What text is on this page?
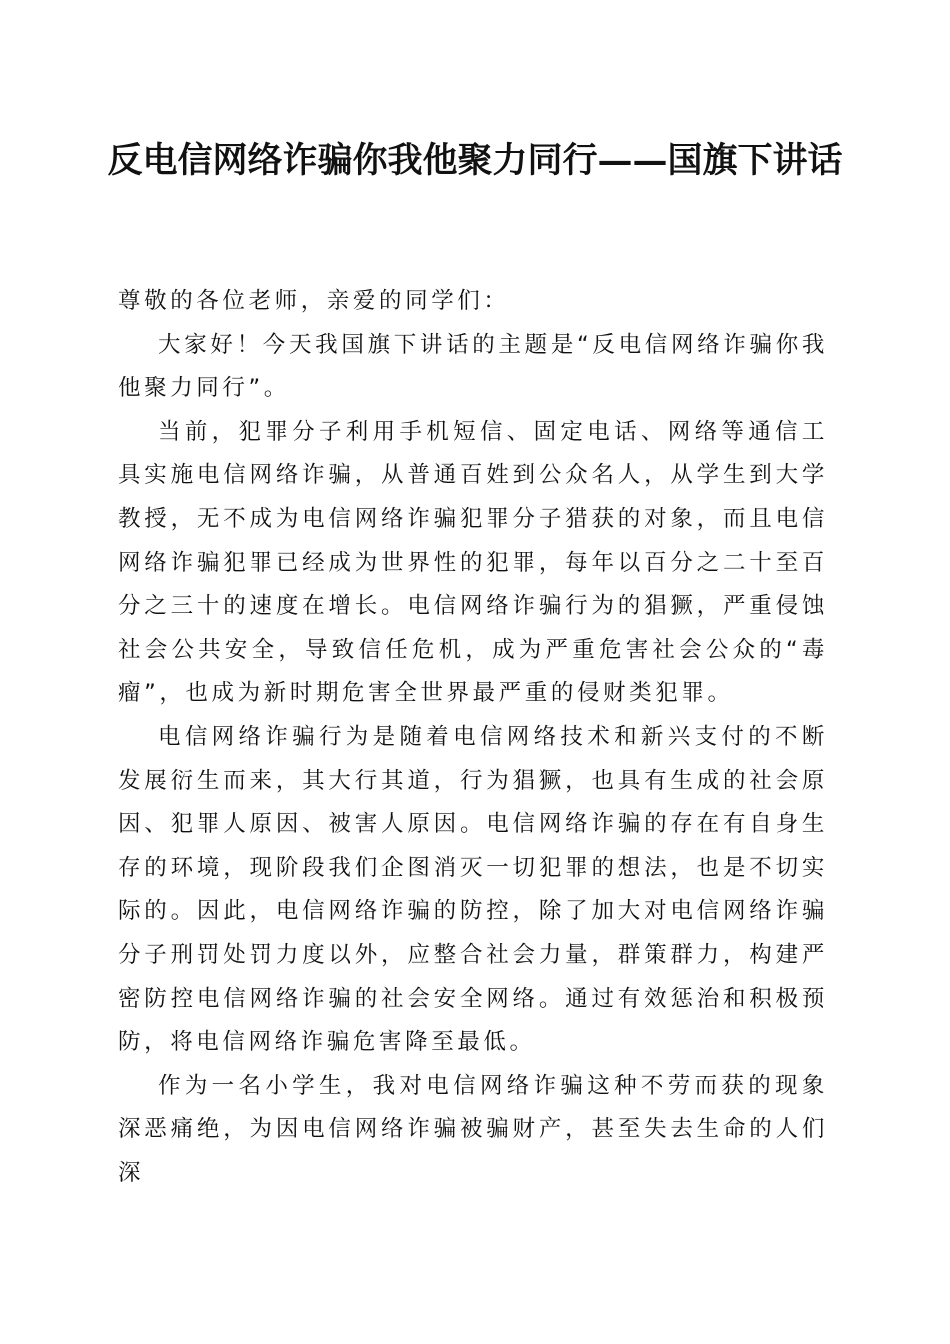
反电信网络诈骗你我他聚力同行——国旗下讲话

尊敬的各位老师，亲爱的同学们：

大家好！今天我国旗下讲话的主题是“反电信网络诈骗你我他聚力同行”。

当前，犯罪分子利用手机短信、固定电话、网络等通信工具实施电信网络诈骗，从普通百姓到公众名人，从学生到大学教授，无不成为电信网络诈骗犯罪分子猎获的对象，而且电信网络诈骗犯罪已经成为世界性的犯罪，每年以百分之二十至百分之三十的速度在增长。电信网络诈骗行为的猖獗，严重侵蚀社会公共安全，导致信任危机，成为严重危害社会公众的“毒瘤”，也成为新时期危害全世界最严重的侵财类犯罪。

电信网络诈骗行为是随着电信网络技术和新兴支付的不断发展衍生而来，其大行其道，行为猖獗，也具有生成的社会原因、犯罪人原因、被害人原因。电信网络诈骗的存在有自身生存的环境，现阶段我们企图消灭一切犯罪的想法，也是不切实际的。因此，电信网络诈骗的防控，除了加大对电信网络诈骗分子刑罚处罚力度以外，应整合社会力量，群策群力，构建严密防控电信网络诈骗的社会安全网络。通过有效惩治和积极预防，将电信网络诈骗危害降至最低。

作为一名小学生，我对电信网络诈骗这种不劳而获的现象深恶痛绝，为因电信网络诈骗被骗财产，甚至失去生命的人们深
